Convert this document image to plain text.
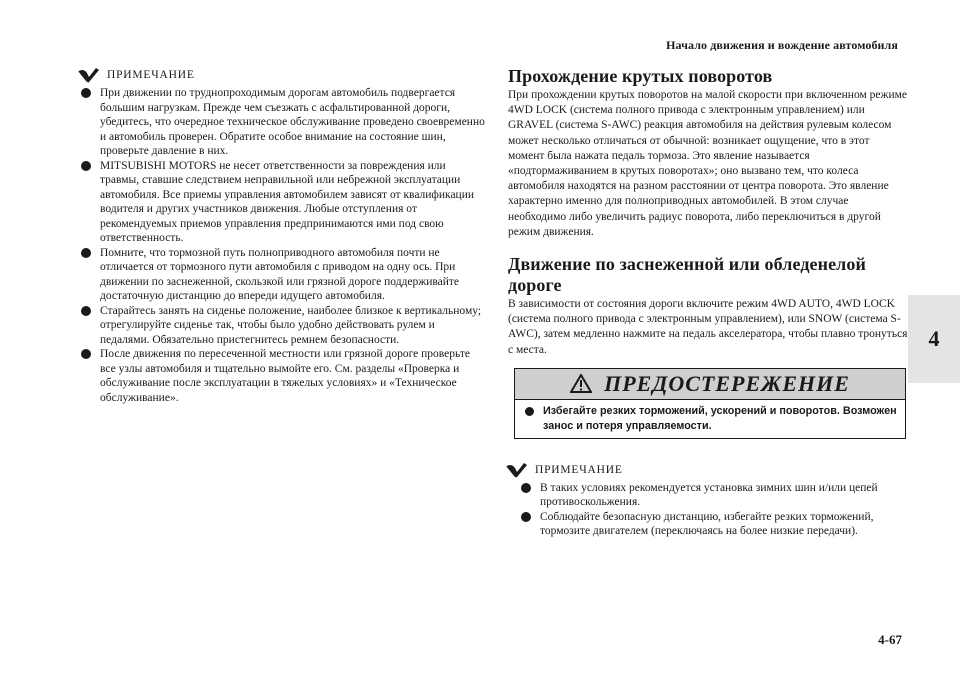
Начало движения и вождение автомобиля
4
4-67
ПРИМЕЧАНИЕ
При движении по труднопроходимым дорогам автомобиль подвергается большим нагрузкам. Прежде чем съезжать с асфальтированной дороги, убедитесь, что очередное техническое обслуживание проведено своевременно и автомобиль проверен. Обратите особое внимание на состояние шин, проверьте давление в них.
MITSUBISHI MOTORS не несет ответственности за повреждения или травмы, ставшие следствием неправильной или небрежной эксплуатации автомобиля. Все приемы управления автомобилем зависят от квалификации водителя и других участников движения. Любые отступления от рекомендуемых приемов управления предпринимаются ими под свою ответственность.
Помните, что тормозной путь полноприводного автомобиля почти не отличается от тормозного пути автомобиля с приводом на одну ось. При движении по заснеженной, скользкой или грязной дороге поддерживайте достаточную дистанцию до впереди идущего автомобиля.
Старайтесь занять на сиденье положение, наиболее близкое к вертикальному; отрегулируйте сиденье так, чтобы было удобно действовать рулем и педалями. Обязательно пристегнитесь ремнем безопасности.
После движения по пересеченной местности или грязной дороге проверьте все узлы автомобиля и тщательно вымойте его. См. разделы «Проверка и обслуживание после эксплуатации в тяжелых условиях» и «Техническое обслуживание».
Прохождение крутых поворотов

При прохождении крутых поворотов на малой скорости при включенном режиме 4WD LOCK (система полного привода с электронным управлением) или GRAVEL (система S-AWC) реакция автомобиля на действия рулевым колесом может несколько отличаться от обычной: возникает ощущение, что в этот момент была нажата педаль тормоза. Это явление называется «подтормаживанием в крутых поворотах»; оно вызвано тем, что колеса автомобиля находятся на разном расстоянии от центра поворота. Это явление характерно именно для полноприводных автомобилей. В этом случае необходимо либо увеличить радиус поворота, либо переключиться в другой режим движения.

Движение по заснеженной или обледенелой дороге

В зависимости от состояния дороги включите режим 4WD AUTO, 4WD LOCK (система полного привода с электронным управлением), или SNOW (система S-AWC), затем медленно нажмите на педаль акселератора, чтобы плавно тронуться с места.

ПРЕДОСТЕРЕЖЕНИЕ
Избегайте резких торможений, ускорений и поворотов. Возможен занос и потеря управляемости.
ПРИМЕЧАНИЕ
В таких условиях рекомендуется установка зимних шин и/или цепей противоскольжения.
Соблюдайте безопасную дистанцию, избегайте резких торможений, тормозите двигателем (переключаясь на более низкие передачи).
